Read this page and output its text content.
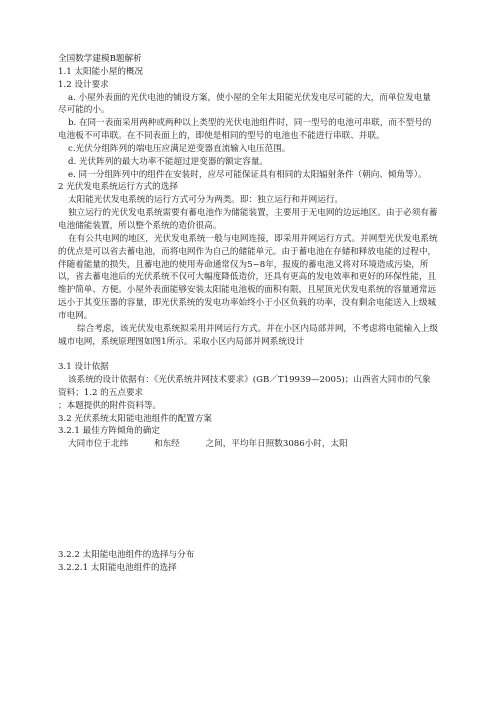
全国数学建模B题解析

1.1 太阳能小屋的概况

1.2 设计要求

a. 小屋外表面的光伏电池的铺设方案，使小屋的全年太阳能光伏发电尽可能的大，而单位发电量尽可能的小。

b. 在同一表面采用两种或两种以上类型的光伏电池组件时，同一型号的电池可串联，而不型号的电池板不可串联。在不同表面上的，即使是相同的型号的电池也不能进行串联、并联。

c.光伏分组阵列的端电压应满足逆变器直流输入电压范围。

d. 光伏阵列的最大功率不能超过逆变器的额定容量。

e. 同一分组阵列中的组件在安装时，应尽可能保证具有相同的太阳辐射条件（朝向、倾角等）。

2 光伏发电系统运行方式的选择

太阳能光伏发电系统的运行方式可分为两类。即：独立运行和并网运行。

独立运行的光伏发电系统需要有蓄电池作为储能装置，主要用于无电网的边远地区。由于必须有蓄电池储能装置，所以整个系统的造价很高。

在有公共电网的地区，光伏发电系统一般与电网连接，即采用并网运行方式。并网型光伏发电系统的优点是可以省去蓄电池，而将电网作为自己的储能单元。由于蓄电池在存储和释放电能的过程中，伴随着能量的损失，且蓄电池的使用寿命通常仅为5~8年，报废的蓄电池又将对环境造成污染，所以，省去蓄电池后的光伏系统不仅可大幅度降低造价，还具有更高的发电效率和更好的环保性能，且维护简单、方便。小屋外表面能够安装太阳能电池板的面积有限，且屋顶光伏发电系统的容量通常远远小于其变压器的容量，即光伏系统的发电功率始终小于小区负载的功率，没有剩余电能送入上级城市电网。

综合考虑，该光伏发电系统拟采用并网运行方式。并在小区内局部并网，不考虑将电能输入上级城市电网，系统原理图如图1所示。采取小区内局部并网系统设计

3.1 设计依据

该系统的设计依据有：《光伏系统并网技术要求》(GB／T19939—2005)；山西省大同市的气象资料；1.2 的五点要求

；本题提供的附件资料等。

3.2 光伏系统太阳能电池组件的配置方案

3.2.1 最佳方阵倾角的确定

大同市位于北纬　　　和东经　　　之间，平均年日照数3086小时，太阳

3.2.2 太阳能电池组件的选择与分布

3.2.2.1 太阳能电池组件的选择
